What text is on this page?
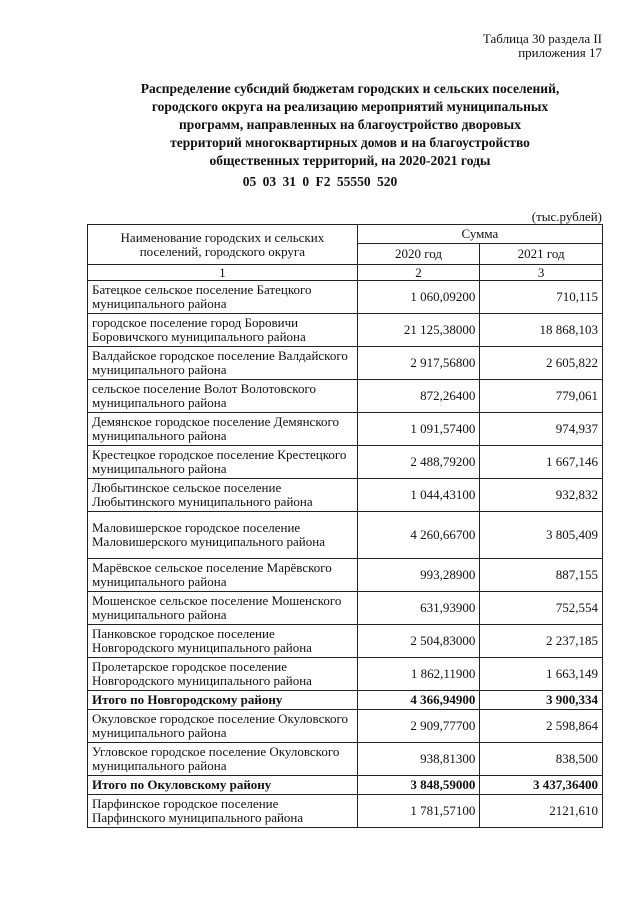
Таблица 30 раздела II
приложения 17
Распределение субсидий бюджетам городских и сельских поселений,
городского округа на реализацию мероприятий муниципальных
программ, направленных на благоустройство дворовых
территорий многоквартирных домов и на благоустройство
общественных территорий, на 2020-2021 годы
05 03 31 0 F2 55550 520
(тыс.рублей)
Наименование городских и сельских поселений, городского округа	Сумма	
	2020 год	2021 год
1	2	3
Батецкое сельское поселение Батецкого муниципального района	1 060,09200	710,115
городское поселение город Боровичи Боровичского муниципального района	21 125,38000	18 868,103
Валдайское городское поселение Валдайского муниципального района	2 917,56800	2 605,822
сельское поселение Волот Волотовского муниципального района	872,26400	779,061
Демянское городское поселение Демянского муниципального района	1 091,57400	974,937
Крестецкое городское поселение Крестецкого муниципального района	2 488,79200	1 667,146
Любытинское сельское поселение Любытинского муниципального района	1 044,43100	932,832
Маловишерское городское поселение Маловишерского муниципального района	4 260,66700	3 805,409
Марёвское сельское поселение Марёвского муниципального района	993,28900	887,155
Мошенское сельское поселение Мошенского муниципального района	631,93900	752,554
Панковское городское поселение Новгородского муниципального района	2 504,83000	2 237,185
Пролетарское городское поселение Новгородского муниципального района	1 862,11900	1 663,149
Итого по Новгородскому району	4 366,94900	3 900,334
Окуловское городское поселение Окуловского муниципального района	2 909,77700	2 598,864
Угловское городское поселение Окуловского муниципального района	938,81300	838,500
Итого по Окуловскому району	3 848,59000	3 437,36400
Парфинское городское поселение Парфинского муниципального района	1 781,57100	2121,610
